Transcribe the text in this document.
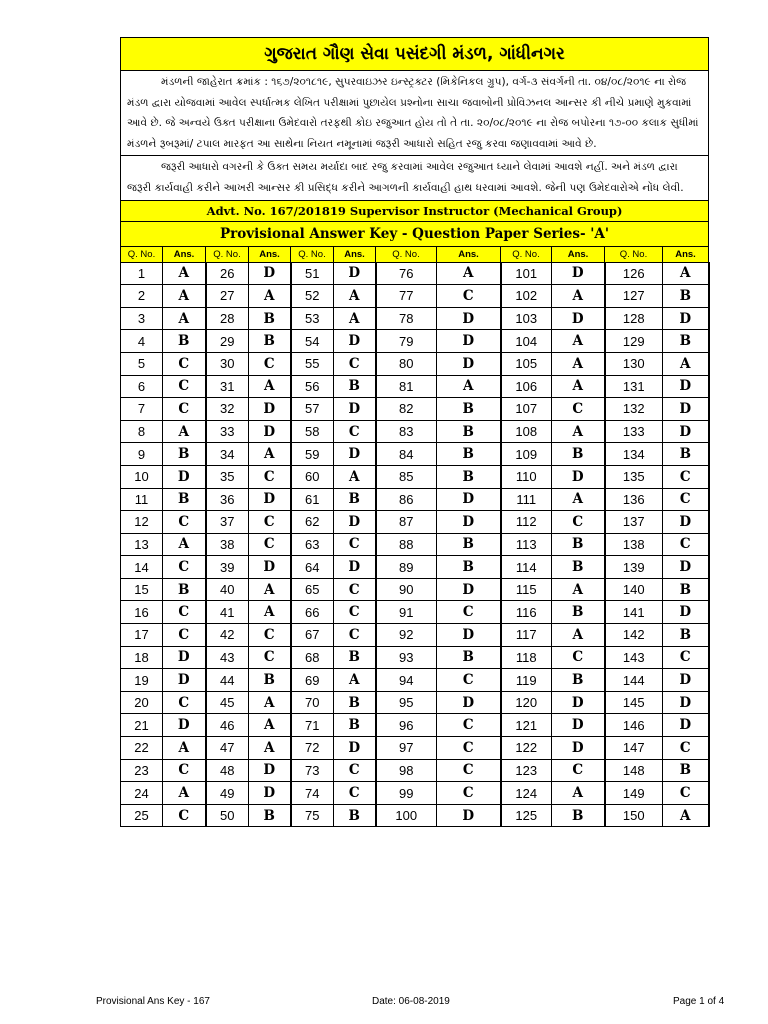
ગુજરાત ગૌણ સેવા પસંદગી મંડળ, ગાંધીનગર											
મંડળની જાહેરાત ક્રમાંક : ૧૬૭/૨૦૧૮૧૯, સુપરવાઇઝર ઇન્સ્ટ્રક્ટર (મિકેનિકલ ગ્રુપ), વર્ગ-૩ સંવર્ગની તા. ૦૪/૦૮/૨૦૧૯ ના રોજ મંડળ દ્વારા યોજવામાં આવેલ સ્પર્ધાત્મક લેખિત પરીક્ષામાં પુછાયેલ પ્રશ્નોના સાચા જવાબોની પ્રોવિઝનલ આન્સર કી નીચે પ્રમાણે મુકવામાં આવે છે. જે અન્વયે ઉક્ત પરીક્ષાના ઉમેદવારો તરફથી કોઇ રજુઆત હોય તો તે તા. ૨૦/૦૮/૨૦૧૯ ના રોજ બપોરના ૧૭-૦૦ કલાક સુધીમાં મંડળને રૂબરૂમાં/ ટપાલ મારફત આ સાથેના નિયત નમૂનામાં જરૂરી આધારો સહિત રજુ કરવા જણાવવામાં આવે છે.											
જરૂરી આધારો વગરની કે ઉક્ત સમય મર્યાદા બાદ રજુ કરવામાં આવેલ રજુઆત ધ્યાને લેવામાં આવશે નહીં. અને મંડળ દ્વારા જરૂરી કાર્યવાહી કરીને આખરી આન્સર કી પ્રસિદ્ધ કરીને આગળની કાર્યવાહી હાથ ધરવામાં આવશે. જેની પણ ઉમેદવારોએ નોંધ લેવી.											
Advt. No. 167/201819 Supervisor Instructor (Mechanical Group)											
Provisional Answer Key - Question Paper Series- 'A'											
Q. No.	Ans.	Q. No.	Ans.	Q. No.	Ans.	Q. No.	Ans.	Q. No.	Ans.	Q. No.	Ans.
1	A	26	D	51	D	76	A	101	D	126	A
2	A	27	A	52	A	77	C	102	A	127	B
3	A	28	B	53	A	78	D	103	D	128	D
4	B	29	B	54	D	79	D	104	A	129	B
5	C	30	C	55	C	80	D	105	A	130	A
6	C	31	A	56	B	81	A	106	A	131	D
7	C	32	D	57	D	82	B	107	C	132	D
8	A	33	D	58	C	83	B	108	A	133	D
9	B	34	A	59	D	84	B	109	B	134	B
10	D	35	C	60	A	85	B	110	D	135	C
11	B	36	D	61	B	86	D	111	A	136	C
12	C	37	C	62	D	87	D	112	C	137	D
13	A	38	C	63	C	88	B	113	B	138	C
14	C	39	D	64	D	89	B	114	B	139	D
15	B	40	A	65	C	90	D	115	A	140	B
16	C	41	A	66	C	91	C	116	B	141	D
17	C	42	C	67	C	92	D	117	A	142	B
18	D	43	C	68	B	93	B	118	C	143	C
19	D	44	B	69	A	94	C	119	B	144	D
20	C	45	A	70	B	95	D	120	D	145	D
21	D	46	A	71	B	96	C	121	D	146	D
22	A	47	A	72	D	97	C	122	D	147	C
23	C	48	D	73	C	98	C	123	C	148	B
24	A	49	D	74	C	99	C	124	A	149	C
25	C	50	B	75	B	100	D	125	B	150	A
Provisional Ans Key - 167	Date: 06-08-2019	Page 1 of 4
